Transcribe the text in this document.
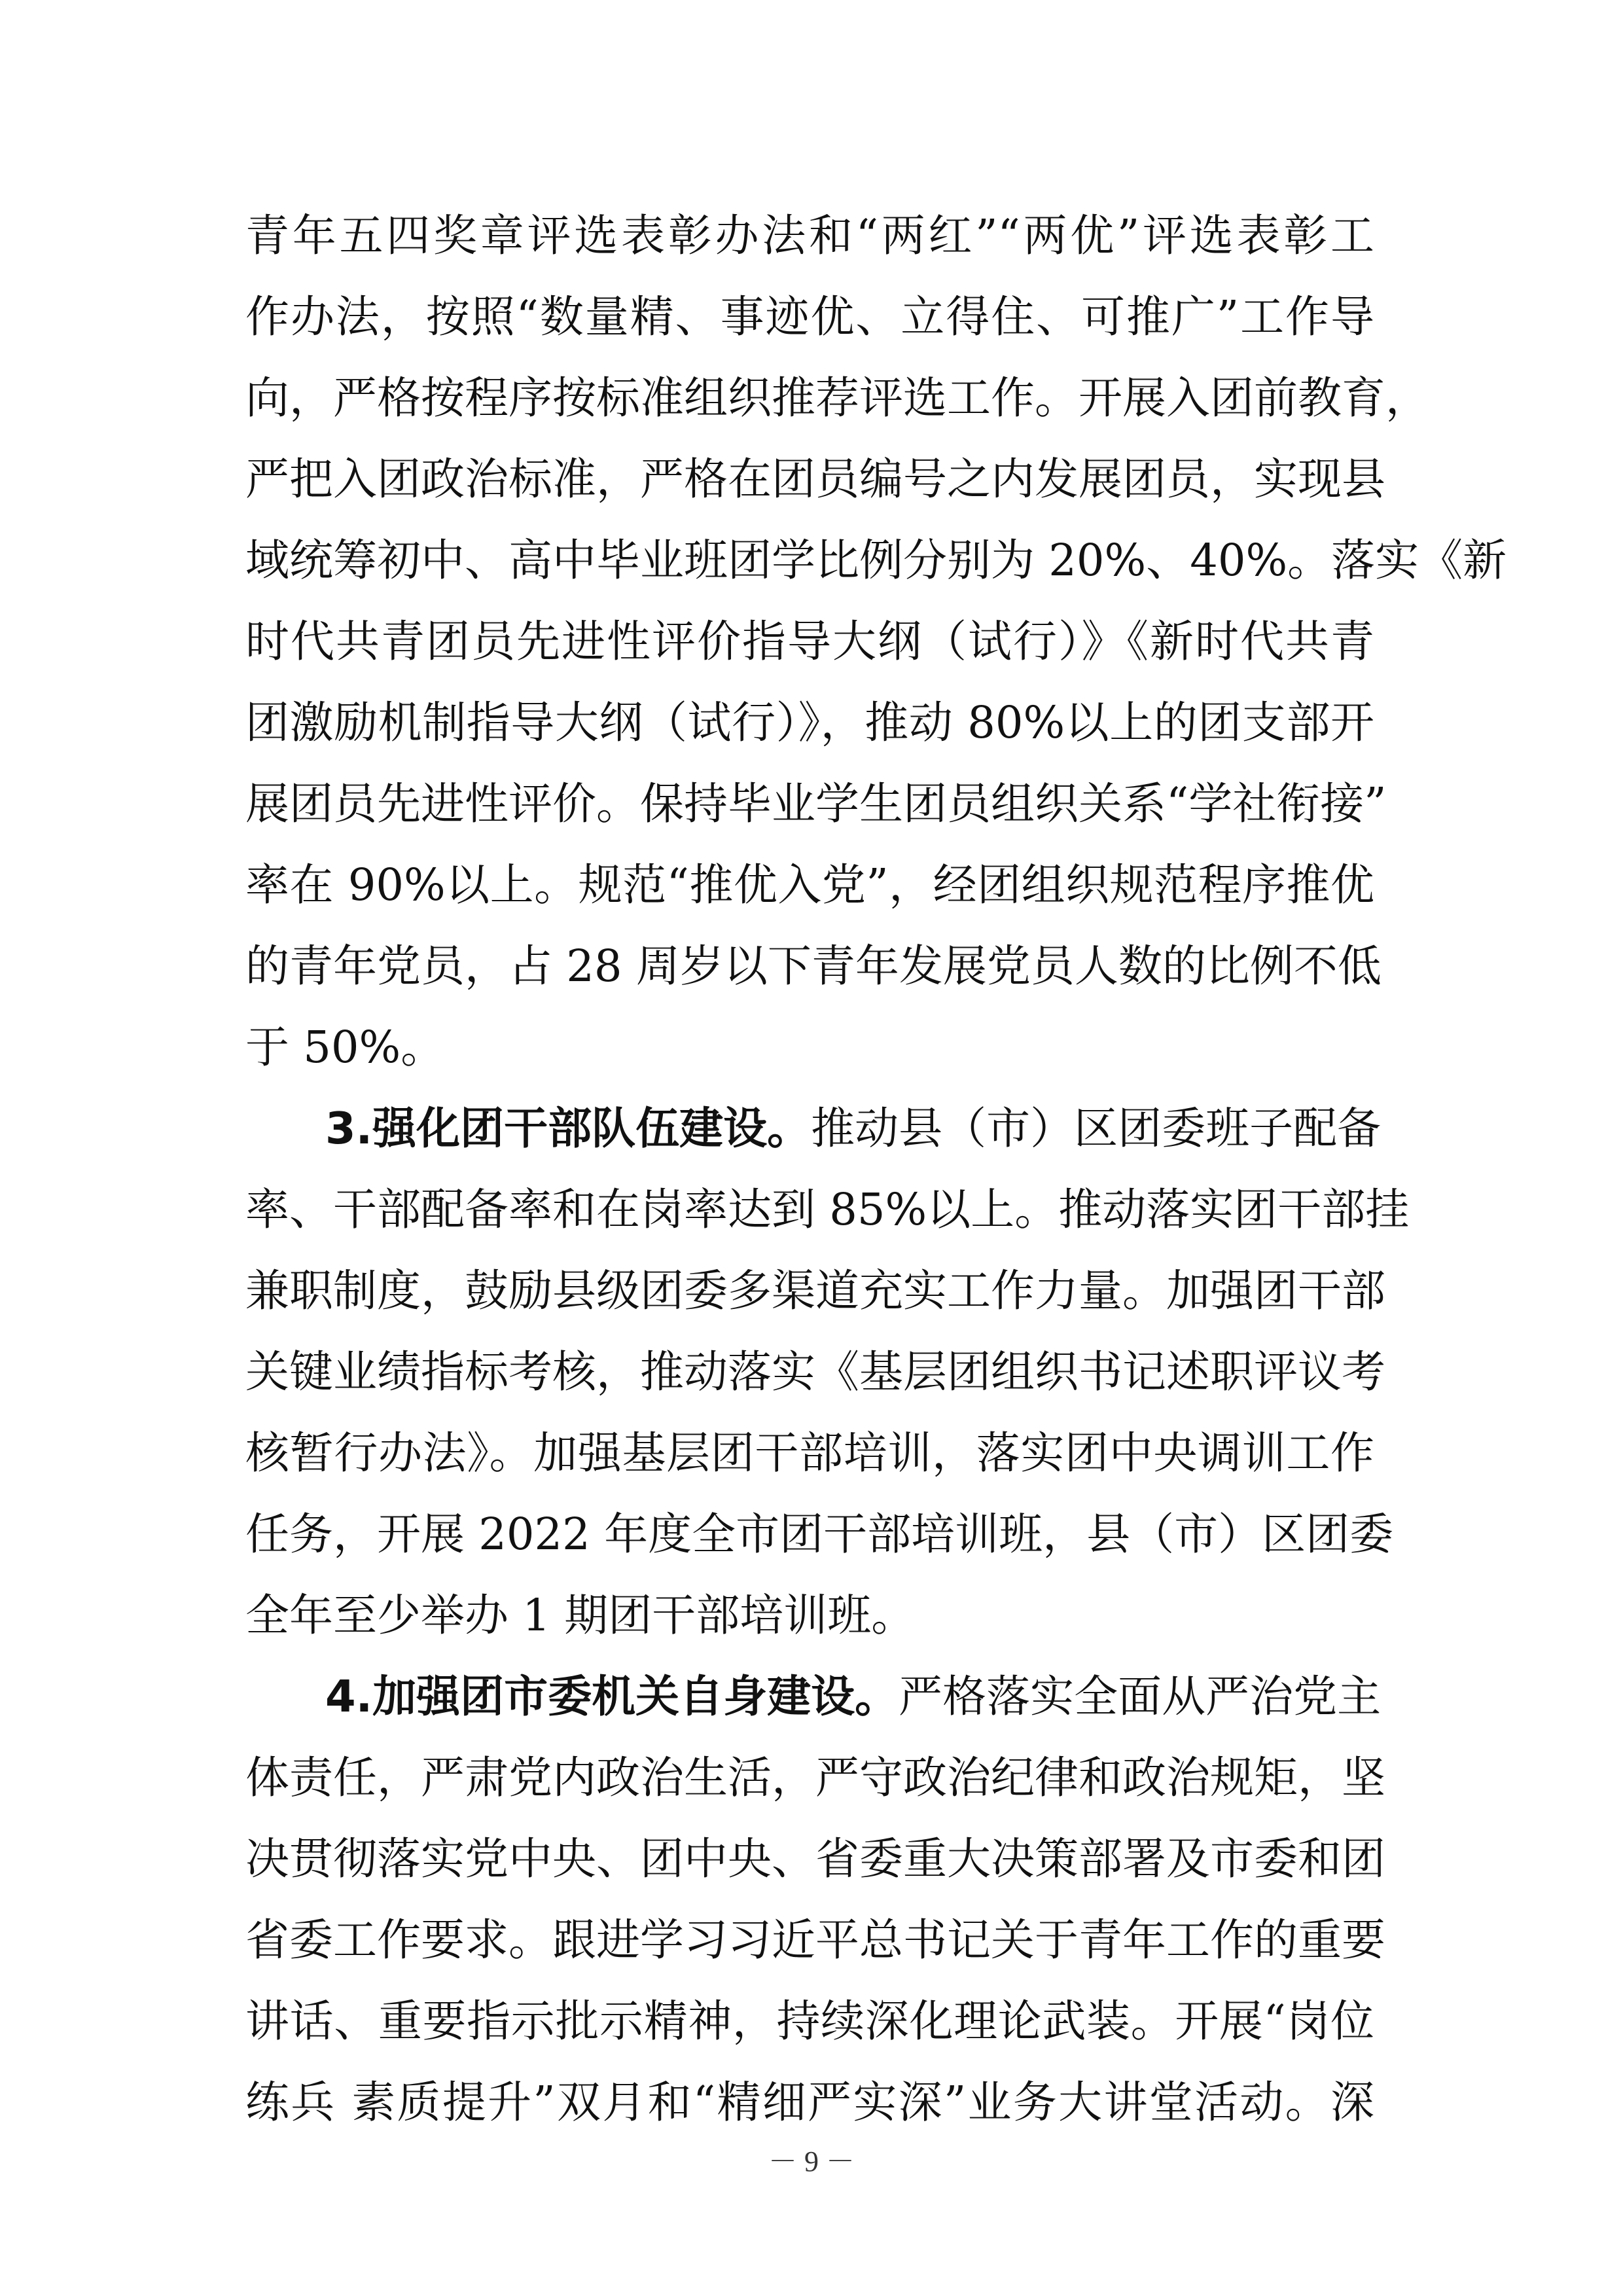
青年五四奖章评选表彰办法和“两红”“两优”评选表彰工
作办法，按照“数量精、事迹优、立得住、可推广”工作导
向，严格按程序按标准组织推荐评选工作。开展入团前教育，
严把入团政治标准，严格在团员编号之内发展团员，实现县
域统筹初中、高中毕业班团学比例分别为 20%、40%。落实《新
时代共青团员先进性评价指导大纲（试行）》《新时代共青
团激励机制指导大纲（试行）》，推动 80%以上的团支部开
展团员先进性评价。保持毕业学生团员组织关系“学社衔接”
率在 90%以上。规范“推优入党”，经团组织规范程序推优
的青年党员，占 28 周岁以下青年发展党员人数的比例不低
于 50%。
3.强化团干部队伍建设。推动县（市）区团委班子配备
率、干部配备率和在岗率达到 85%以上。推动落实团干部挂
兼职制度，鼓励县级团委多渠道充实工作力量。加强团干部
关键业绩指标考核，推动落实《基层团组织书记述职评议考
核暂行办法》。加强基层团干部培训，落实团中央调训工作
任务，开展 2022 年度全市团干部培训班，县（市）区团委
全年至少举办 1 期团干部培训班。
4.加强团市委机关自身建设。严格落实全面从严治党主
体责任，严肃党内政治生活，严守政治纪律和政治规矩，坚
决贯彻落实党中央、团中央、省委重大决策部署及市委和团
省委工作要求。跟进学习习近平总书记关于青年工作的重要
讲话、重要指示批示精神，持续深化理论武装。开展“岗位
练兵 素质提升”双月和“精细严实深”业务大讲堂活动。深
－ 9 －
